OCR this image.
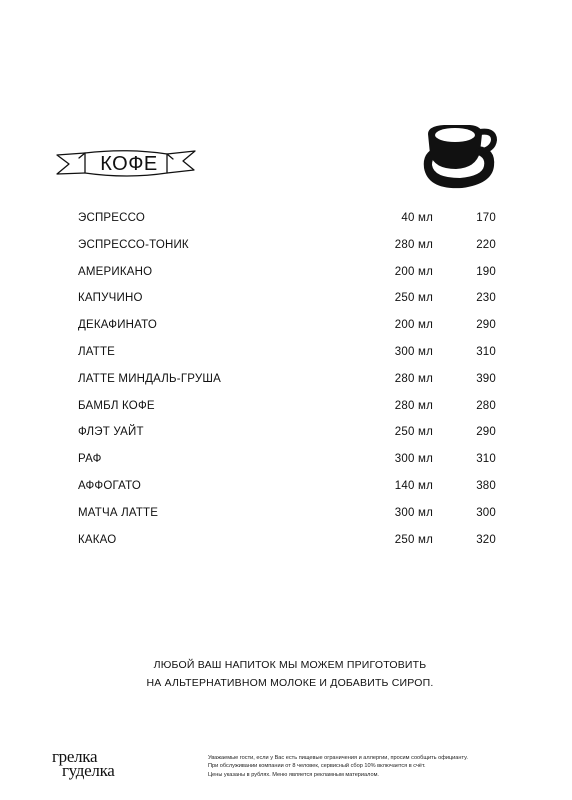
КОФЕ
ЭСПРЕССО	40 мл	170
ЭСПРЕССО-ТОНИК	280 мл	220
АМЕРИКАНО	200 мл	190
КАПУЧИНО	250 мл	230
ДЕКАФИНАТО	200 мл	290
ЛАТТЕ	300 мл	310
ЛАТТЕ МИНДАЛЬ-ГРУША	280 мл	390
БАМБЛ КОФЕ	280 мл	280
ФЛЭТ УАЙТ	250 мл	290
РАФ	300 мл	310
АФФОГАТО	140 мл	380
МАТЧА ЛАТТЕ	300 мл	300
КАКАО	250 мл	320
ЛЮБОЙ ВАШ НАПИТОК МЫ МОЖЕМ ПРИГОТОВИТЬ
НА АЛЬТЕРНАТИВНОМ МОЛОКЕ И ДОБАВИТЬ СИРОП.
грелка
гуделка
Уважаемые гости, если у Вас есть пищевые ограничения и аллергии, просим сообщить официанту.
При обслуживании компании от 8 человек, сервисный сбор 10% включается в счёт.
Цены указаны в рублях. Меню является рекламным материалом.
